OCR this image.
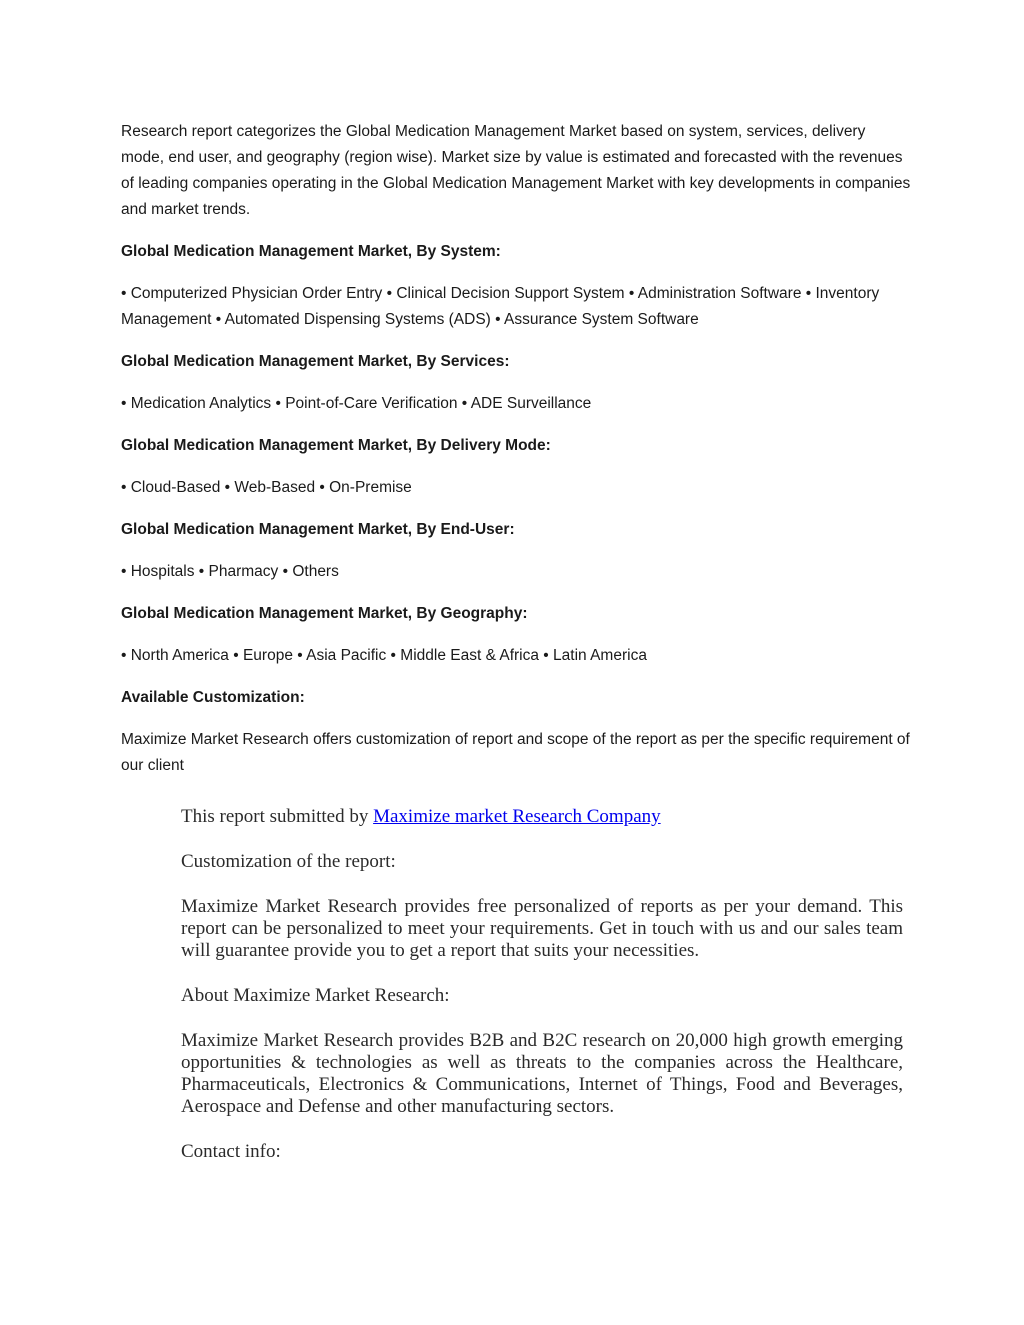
Research report categorizes the Global Medication Management Market based on system, services, delivery mode, end user, and geography (region wise). Market size by value is estimated and forecasted with the revenues of leading companies operating in the Global Medication Management Market with key developments in companies and market trends.

Global Medication Management Market, By System:

• Computerized Physician Order Entry • Clinical Decision Support System • Administration Software • Inventory Management • Automated Dispensing Systems (ADS) • Assurance System Software

Global Medication Management Market, By Services:

• Medication Analytics • Point-of-Care Verification • ADE Surveillance

Global Medication Management Market, By Delivery Mode:

• Cloud-Based • Web-Based • On-Premise

Global Medication Management Market, By End-User:

• Hospitals • Pharmacy • Others

Global Medication Management Market, By Geography:

• North America • Europe • Asia Pacific • Middle East & Africa • Latin America

Available Customization:

Maximize Market Research offers customization of report and scope of the report as per the specific requirement of our client

This report submitted by Maximize market Research Company

Customization of the report:

Maximize Market Research provides free personalized of reports as per your demand. This report can be personalized to meet your requirements. Get in touch with us and our sales team will guarantee provide you to get a report that suits your necessities.

About Maximize Market Research:

Maximize Market Research provides B2B and B2C research on 20,000 high growth emerging opportunities & technologies as well as threats to the companies across the Healthcare, Pharmaceuticals, Electronics & Communications, Internet of Things, Food and Beverages, Aerospace and Defense and other manufacturing sectors.

Contact info:
